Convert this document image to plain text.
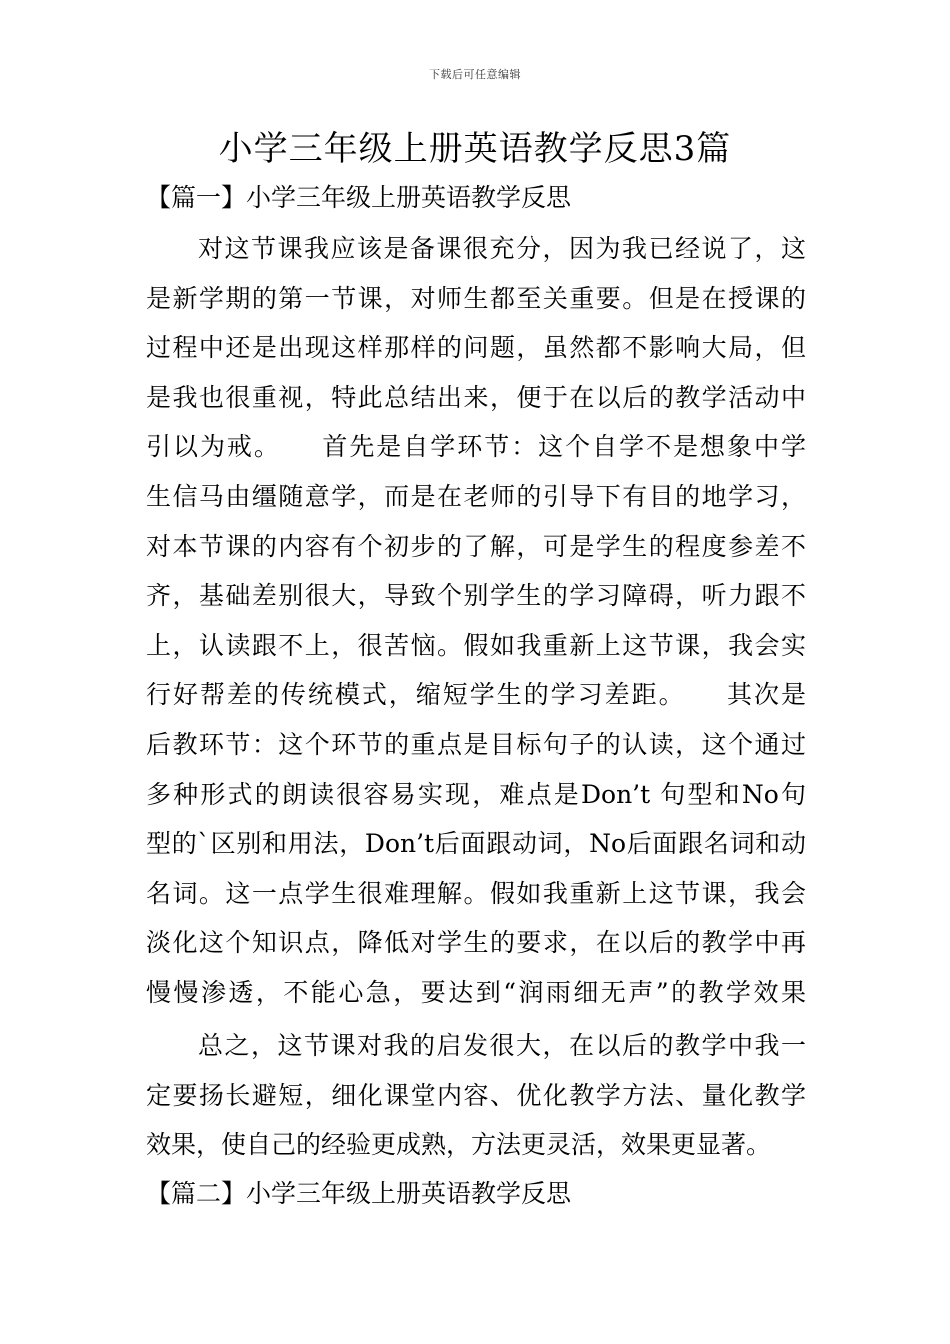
下载后可任意编辑
小学三年级上册英语教学反思3篇
【篇一】小学三年级上册英语教学反思
对这节课我应该是备课很充分，因为我已经说了，这
是新学期的第一节课，对师生都至关重要。但是在授课的
过程中还是出现这样那样的问题，虽然都不影响大局，但
是我也很重视，特此总结出来，便于在以后的教学活动中
引以为戒。　　首先是自学环节：这个自学不是想象中学
生信马由缰随意学，而是在老师的引导下有目的地学习，
对本节课的内容有个初步的了解，可是学生的程度参差不
齐，基础差别很大，导致个别学生的学习障碍，听力跟不
上，认读跟不上，很苦恼。假如我重新上这节课，我会实
行好帮差的传统模式，缩短学生的学习差距。　　其次是
后教环节：这个环节的重点是目标句子的认读，这个通过
多种形式的朗读很容易实现，难点是Don’t 句型和No句
型的`区别和用法，Don’t后面跟动词，No后面跟名词和动
名词。这一点学生很难理解。假如我重新上这节课，我会
淡化这个知识点，降低对学生的要求，在以后的教学中再
慢慢渗透，不能心急，要达到“润雨细无声”的教学效果
总之，这节课对我的启发很大，在以后的教学中我一
定要扬长避短，细化课堂内容、优化教学方法、量化教学
效果，使自己的经验更成熟，方法更灵活，效果更显著。
【篇二】小学三年级上册英语教学反思
